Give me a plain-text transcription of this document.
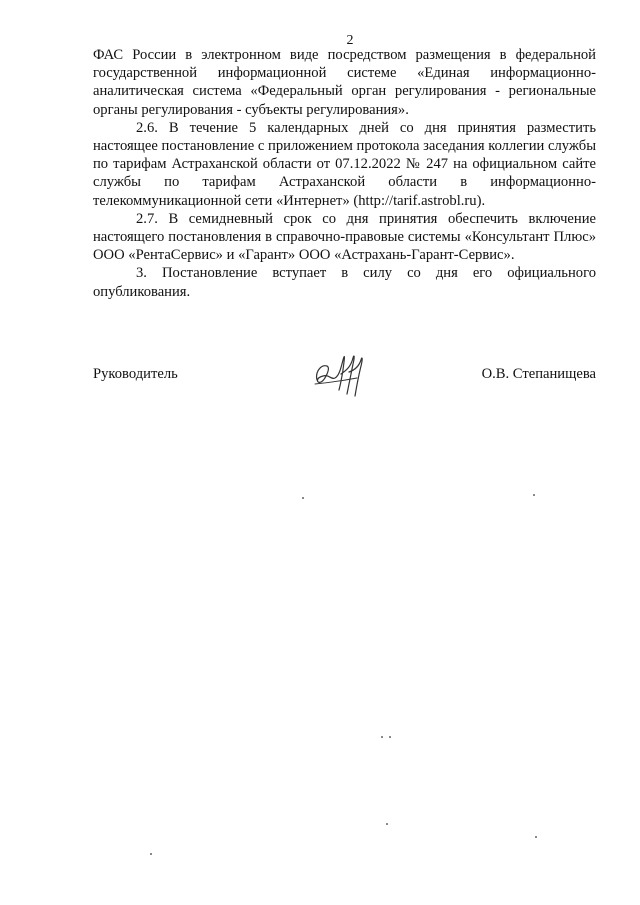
2

ФАС России в электронном виде посредством размещения в федеральной государственной информационной системе «Единая информационно-аналитическая система «Федеральный орган регулирования - региональные органы регулирования - субъекты регулирования».

2.6. В течение 5 календарных дней со дня принятия разместить настоящее постановление с приложением протокола заседания коллегии службы по тарифам Астраханской области от 07.12.2022 № 247 на официальном сайте службы по тарифам Астраханской области в информационно-телекоммуникационной сети «Интернет» (http://tarif.astrobl.ru).

2.7. В семидневный срок со дня принятия обеспечить включение настоящего постановления в справочно-правовые системы «Консультант Плюс» ООО «РентаСервис» и «Гарант» ООО «Астрахань-Гарант-Сервис».

3. Постановление вступает в силу со дня его официального опубликования.

Руководитель	О.В. Степанищева
